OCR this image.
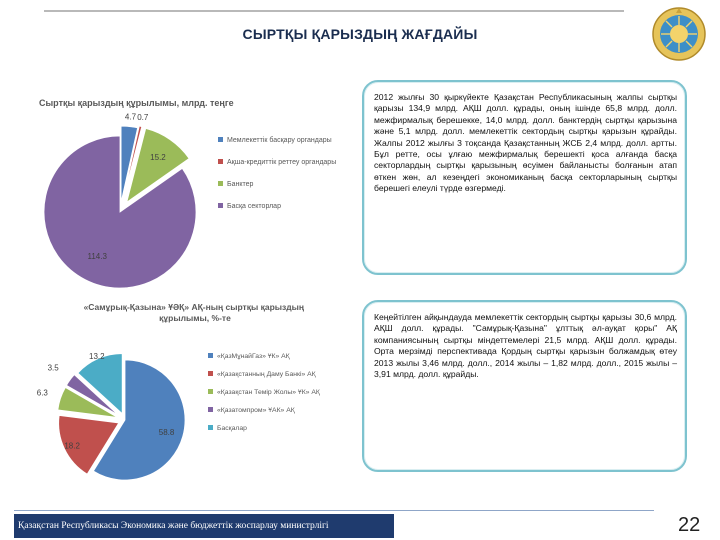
СЫРТҚЫ ҚАРЫЗДЫҢ ЖАҒДАЙЫ
Сыртқы қарыздың құрылымы, млрд. теңге
4.7 0.7
15.2
114.3
Мемлекеттік басқару органдары
Ақша-кредиттік реттеу органдары
Банктер
Басқа секторлар
«Самұрық-Қазына» ҰӘҚ» АҚ-ның сыртқы қарыздың құрылымы, %-те
58.8
18.2
6.3
3.5
13.2	«ҚазМұнайГаз» ҰК» АҚ
«Қазақстанның Даму Банкі» АҚ
«Қазақстан Темір Жолы» ҰК» АҚ
«Қазатомпром» ҰАК» АҚ
Басқалар

2012 жылғы 30 қыркүйекте Қазақстан Республикасының жалпы сыртқы қарызы 134,9 млрд. АҚШ долл. құрады, оның ішінде 65,8 млрд. долл. межфирмалық берешекке, 14,0 млрд. долл. банктердің сыртқы қарызына және 5,1 млрд. долл. мемлекеттік сектордың сыртқы қарызын құрайды. Жалпы 2012 жылғы 3 тоқсанда Қазақстанның ЖСБ 2,4 млрд. долл. артты. Бұл ретте, осы ұлғаю межфирмалық берешекті қоса алғанда басқа секторлардың сыртқы қарызының өсуімен байланысты болғанын атап өткен жөн, ал кезеңдегі экономиканың басқа секторларының сыртқы берешегі елеулі түрде өзгермеді.

Кеңейтілген айқындауда мемлекеттік сектордың сыртқы қарызы 30,6 млрд. АҚШ долл. құрады. "Самұрық-Қазына" ұлттық әл-ауқат қоры" АҚ компаниясының сыртқы міндеттемелері 21,5 млрд. АҚШ долл. құрады. Орта мерзімді перспективада Қордың сыртқы қарызын болжамдық өтеу 2013 жылы 3,46 млрд. долл., 2014 жылы – 1,82 млрд. долл., 2015 жылы – 3,91 млрд. долл. құрайды.

Қазақстан Республикасы Экономика және бюджеттік жоспарлау министрлігі	22
